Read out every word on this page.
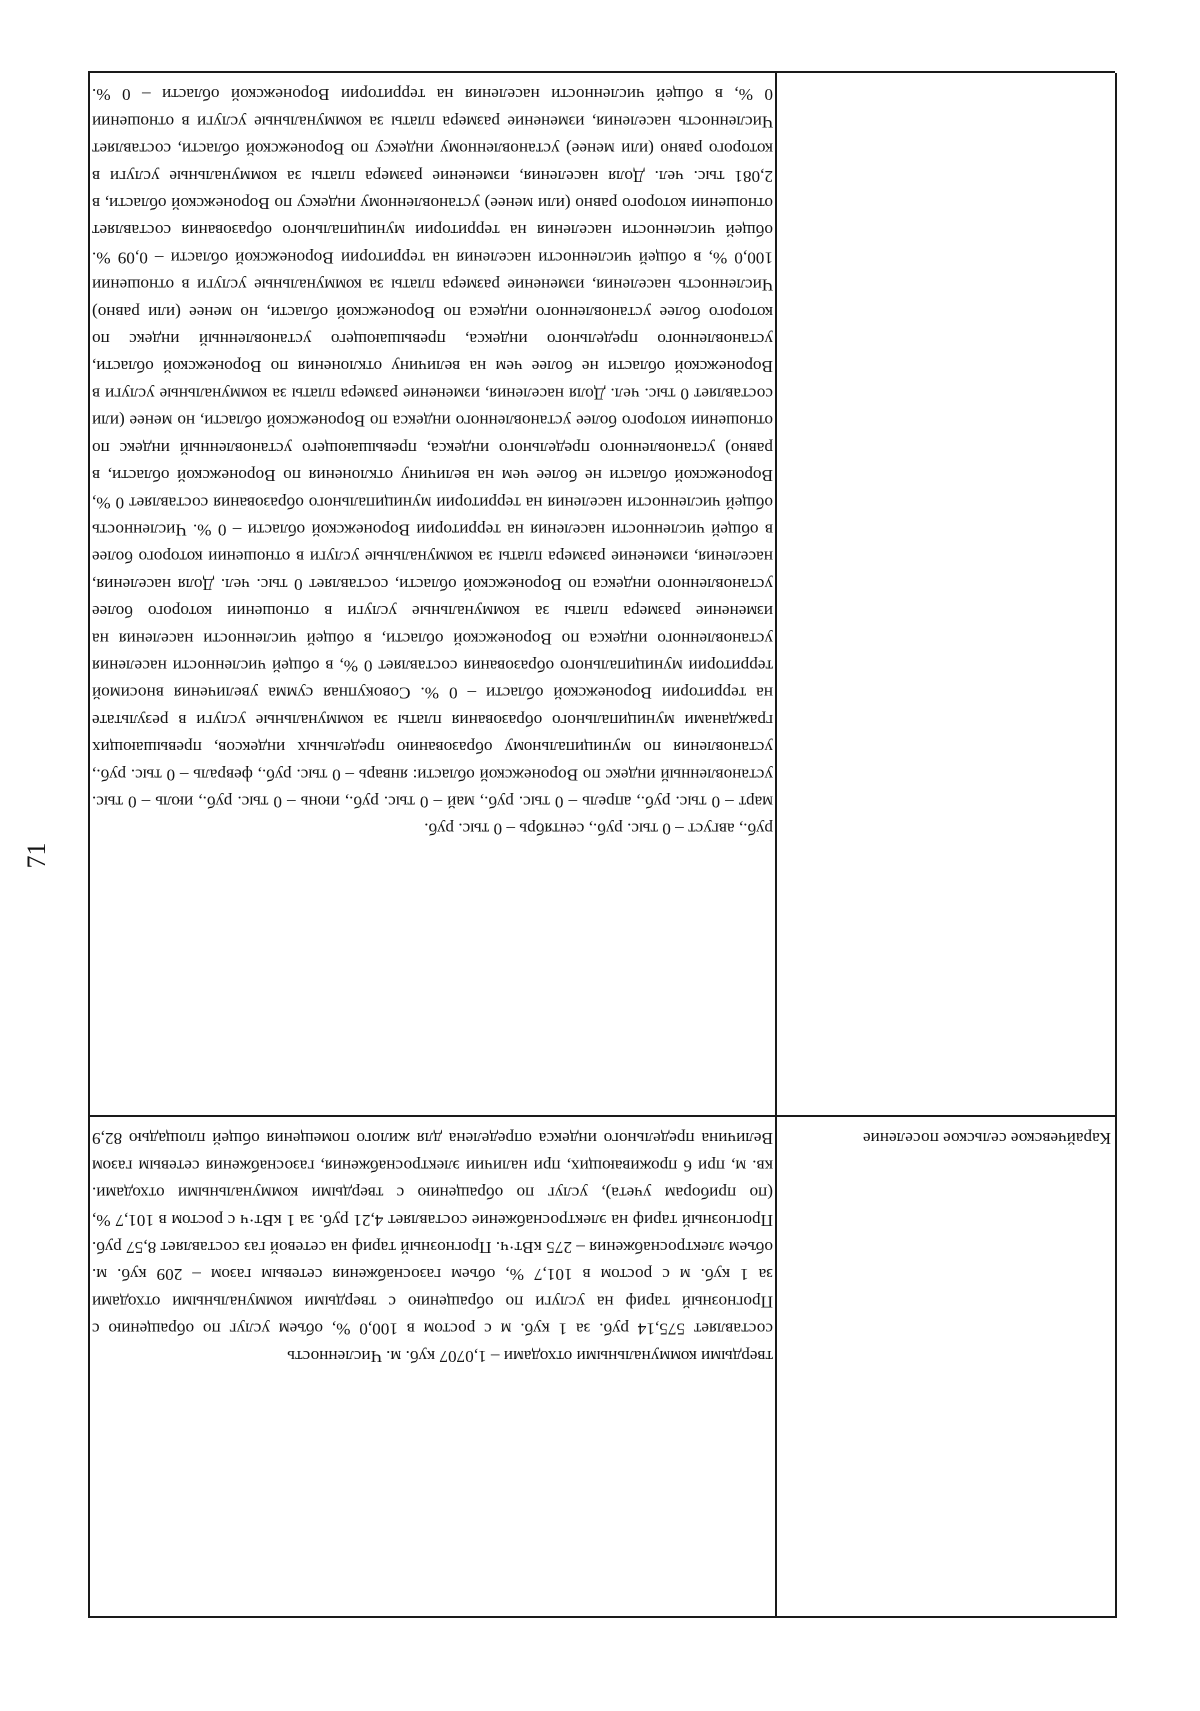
71
0 %, в общей численности населения на территории Воронежской области – 0 %. Численность населения, изменение размера платы за коммунальные услуги в отношении которого равно (или менее) установленному индексу по Воронежской области, составляет 2,081 тыс. чел. Доля населения, изменение размера платы за коммунальные услуги в отношении которого равно (или менее) установленному индексу по Воронежской области, в общей численности населения на территории муниципального образования составляет 100,0 %, в общей численности населения на территории Воронежской области – 0,09 %. Численность населения, изменение размера платы за коммунальные услуги в отношении которого более установленного индекса по Воронежской области, но менее (или равно) установленного предельного индекса, превышающего установленный индекс по Воронежской области не более чем на величину отклонения по Воронежской области, составляет 0 тыс. чел. Доля населения, изменение размера платы за коммунальные услуги в отношении которого более установленного индекса по Воронежской области, но менее (или равно) установленного предельного индекса, превышающего установленный индекс по Воронежской области не более чем на величину отклонения по Воронежской области, в общей численности населения на территории муниципального образования составляет 0 %, в общей численности населения на территории Воронежской области – 0 %. Численность населения, изменение размера платы за коммунальные услуги в отношении которого более установленного индекса по Воронежской области, составляет 0 тыс. чел. Доля населения, изменение размера платы за коммунальные услуги в отношении которого более установленного индекса по Воронежской области, в общей численности населения на территории муниципального образования составляет 0 %, в общей численности населения на территории Воронежской области – 0 %. Совокупная сумма увеличения вносимой гражданами муниципального образования платы за коммунальные услуги в результате установления по муниципальному образованию предельных индексов, превышающих установленный индекс по Воронежской области: январь – 0 тыс. руб., февраль – 0 тыс. руб., март – 0 тыс. руб., апрель – 0 тыс. руб., май – 0 тыс. руб., июнь – 0 тыс. руб., июль – 0 тыс. руб., август – 0 тыс. руб., сентябрь – 0 тыс. руб.
Величина предельного индекса определена для жилого помещения общей площадью 82,9 кв. м, при 6 проживающих, при наличии электроснабжения, газоснабжения сетевым газом (по приборам учета), услуг по обращению с твердыми коммунальными отходами. Прогнозный тариф на электроснабжение составляет 4,21 руб. за 1 кВт·ч с ростом в 101,7 %, объем электроснабжения – 275 кВт·ч. Прогнозный тариф на сетевой газ составляет 8,57 руб. за 1 куб. м с ростом в 101,7 %, объем газоснабжения сетевым газом – 209 куб. м. Прогнозный тариф на услуги по обращению с твердыми коммунальными отходами составляет 575,14 руб. за 1 куб. м с ростом в 100,0 %, объем услуг по обращению с твердыми коммунальными отходами – 1,0707 куб. м. Численность
Карайчевское сельское поселение
